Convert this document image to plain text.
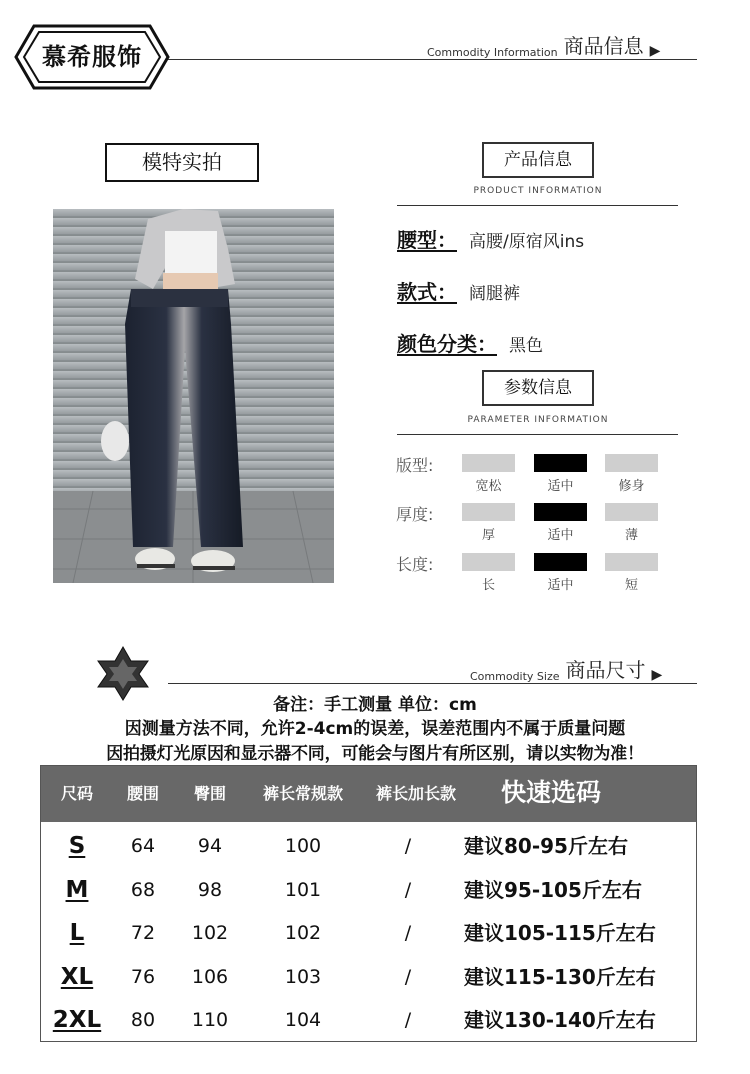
慕希服饰	Commodity Information 商品信息 ▶
模特实拍	产品信息
PRODUCT INFORMATION
腰型： 高腰/原宿风ins
款式： 阔腿裤
颜色分类： 黑色
参数信息
PARAMETER INFORMATION
版型:
宽松	适中	修身
厚度:
厚	适中	薄
长度:
长	适中	短
Commodity Size 商品尺寸 ▶
备注：手工测量 单位：cm
因测量方法不同，允许2-4cm的误差，误差范围内不属于质量问题
因拍摄灯光原因和显示器不同，可能会与图片有所区别，请以实物为准！
尺码	腰围	臀围	裤长常规款	裤长加长款	快速选码
S	64	94	100	/	建议80-95斤左右
M	68	98	101	/	建议95-105斤左右
L	72	102	102	/	建议105-115斤左右
XL	76	106	103	/	建议115-130斤左右
2XL	80	110	104	/	建议130-140斤左右
